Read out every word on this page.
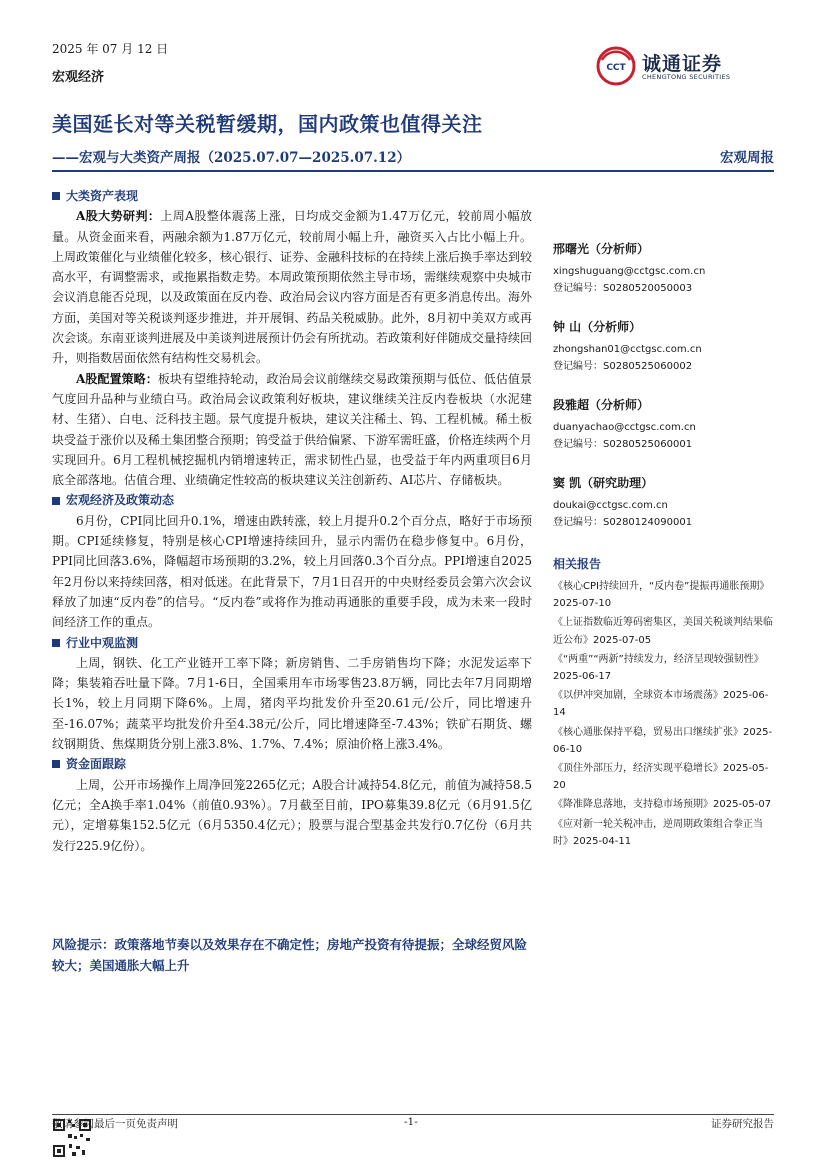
2025 年 07 月 12 日
宏观经济
CCT 诚通证券
CHENGTONG SECURITIES
美国延长对等关税暂缓期，国内政策也值得关注
——宏观与大类资产周报（2025.07.07—2025.07.12）	宏观周报
大类资产表现

A股大势研判：上周A股整体震荡上涨，日均成交金额为1.47万亿元，较前周小幅放量。从资金面来看，两融余额为1.87万亿元，较前周小幅上升，融资买入占比小幅上升。上周政策催化与业绩催化较多，核心银行、证券、金融科技标的在持续上涨后换手率达到较高水平，有调整需求，或拖累指数走势。本周政策预期依然主导市场，需继续观察中央城市会议消息能否兑现，以及政策面在反内卷、政治局会议内容方面是否有更多消息传出。海外方面，美国对等关税谈判逐步推进，并开展铜、药品关税威胁。此外，8月初中美双方或再次会谈。东南亚谈判进展及中美谈判进展预计仍会有所扰动。若政策利好伴随成交量持续回升，则指数居面依然有结构性交易机会。

A股配置策略：板块有望维持轮动，政治局会议前继续交易政策预期与低位、低估值景气度回升品种与业绩白马。政治局会议政策利好板块，建议继续关注反内卷板块（水泥建材、生猪）、白电、泛科技主题。景气度提升板块，建议关注稀土、钨、工程机械。稀土板块受益于涨价以及稀土集团整合预期；钨受益于供给偏紧、下游军需旺盛，价格连续两个月实现回升。6月工程机械挖掘机内销增速转正，需求韧性凸显，也受益于年内两重项目6月底全部落地。估值合理、业绩确定性较高的板块建议关注创新药、AI芯片、存储板块。

宏观经济及政策动态

6月份，CPI同比回升0.1%，增速由跌转涨，较上月提升0.2个百分点，略好于市场预期。CPI延续修复，特别是核心CPI增速持续回升，显示内需仍在稳步修复中。6月份，PPI同比回落3.6%，降幅超市场预期的3.2%，较上月回落0.3个百分点。PPI增速自2025年2月份以来持续回落，相对低迷。在此背景下，7月1日召开的中央财经委员会第六次会议释放了加速“反内卷”的信号。“反内卷”或将作为推动再通胀的重要手段，成为未来一段时间经济工作的重点。

行业中观监测

上周，钢铁、化工产业链开工率下降；新房销售、二手房销售均下降；水泥发运率下降；集装箱吞吐量下降。7月1-6日，全国乘用车市场零售23.8万辆，同比去年7月同期增长1%，较上月同期下降6%。上周，猪肉平均批发价升至20.61元/公斤，同比增速升至-16.07%；蔬菜平均批发价升至4.38元/公斤，同比增速降至-7.43%；铁矿石期货、螺纹钢期货、焦煤期货分别上涨3.8%、1.7%、7.4%；原油价格上涨3.4%。

资金面跟踪

上周，公开市场操作上周净回笼2265亿元；A股合计减持54.8亿元，前值为减持58.5亿元；全A换手率1.04%（前值0.93%）。7月截至目前，IPO募集39.8亿元（6月91.5亿元），定增募集152.5亿元（6月5350.4亿元）；股票与混合型基金共发行0.7亿份（6月共发行225.9亿份）。

风险提示：政策落地节奏以及效果存在不确定性；房地产投资有待提振；全球经贸风险较大；美国通胀大幅上升
邢曙光（分析师）
xingshuguang@cctgsc.com.cn
登记编号：S0280520050003
钟 山（分析师）
zhongshan01@cctgsc.com.cn
登记编号：S0280525060002
段雅超（分析师）
duanyachao@cctgsc.com.cn
登记编号：S0280525060001
窦 凯（研究助理）
doukai@cctgsc.com.cn
登记编号：S0280124090001
相关报告
《核心CPI持续回升，“反内卷”提振再通胀预期》2025-07-10
《上证指数临近筹码密集区，美国关税谈判结果临近公布》2025-07-05
《“两重”“两新”持续发力，经济呈现较强韧性》2025-06-17
《以伊冲突加剧，全球资本市场震荡》2025-06-14
《核心通胀保持平稳，贸易出口继续扩张》2025-06-10
《顶住外部压力，经济实现平稳增长》2025-05-20
《降准降息落地，支持稳市场预期》2025-05-07
《应对新一轮关税冲击，逆周期政策组合拳正当时》2025-04-11
敬请参阅最后一页免责声明	-1-	证券研究报告
